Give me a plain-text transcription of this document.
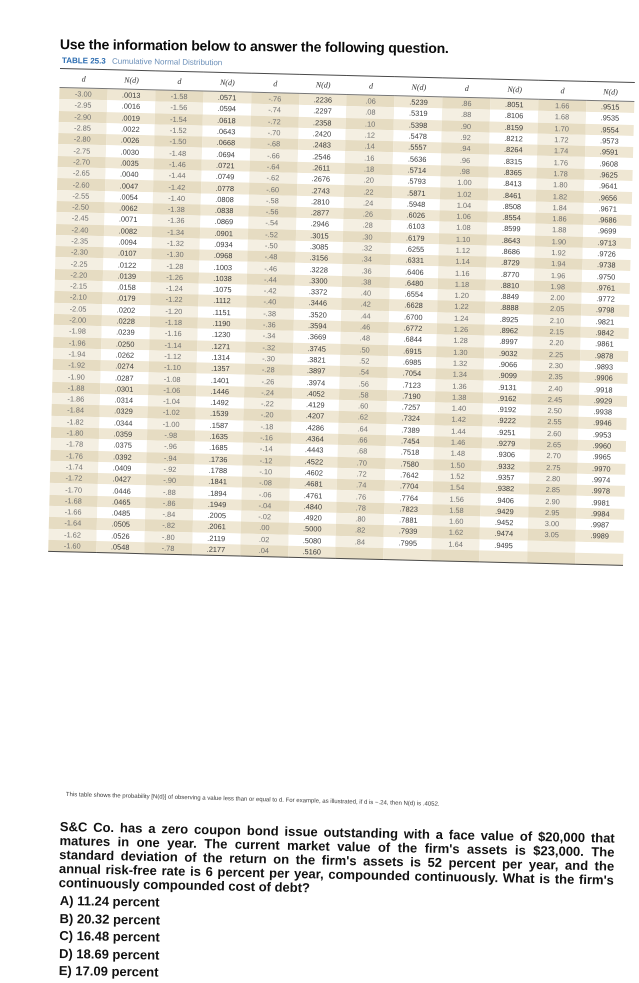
Use the information below to answer the following question.
TABLE 25.3 Cumulative Normal Distribution
d	N(d)	d	N(d)	d	N(d)	d	N(d)	d	N(d)	d	N(d)
-3.00	.0013	-1.58	.0571	-.76	.2236	.06	.5239	.86	.8051	1.66	.9515
-2.95	.0016	-1.56	.0594	-.74	.2297	.08	.5319	.88	.8106	1.68	.9535
-2.90	.0019	-1.54	.0618	-.72	.2358	.10	.5398	.90	.8159	1.70	.9554
-2.85	.0022	-1.52	.0643	-.70	.2420	.12	.5478	.92	.8212	1.72	.9573
-2.80	.0026	-1.50	.0668	-.68	.2483	.14	.5557	.94	.8264	1.74	.9591
-2.75	.0030	-1.48	.0694	-.66	.2546	.16	.5636	.96	.8315	1.76	.9608
-2.70	.0035	-1.46	.0721	-.64	.2611	.18	.5714	.98	.8365	1.78	.9625
-2.65	.0040	-1.44	.0749	-.62	.2676	.20	.5793	1.00	.8413	1.80	.9641
-2.60	.0047	-1.42	.0778	-.60	.2743	.22	.5871	1.02	.8461	1.82	.9656
-2.55	.0054	-1.40	.0808	-.58	.2810	.24	.5948	1.04	.8508	1.84	.9671
-2.50	.0062	-1.38	.0838	-.56	.2877	.26	.6026	1.06	.8554	1.86	.9686
-2.45	.0071	-1.36	.0869	-.54	.2946	.28	.6103	1.08	.8599	1.88	.9699
-2.40	.0082	-1.34	.0901	-.52	.3015	.30	.6179	1.10	.8643	1.90	.9713
-2.35	.0094	-1.32	.0934	-.50	.3085	.32	.6255	1.12	.8686	1.92	.9726
-2.30	.0107	-1.30	.0968	-.48	.3156	.34	.6331	1.14	.8729	1.94	.9738
-2.25	.0122	-1.28	.1003	-.46	.3228	.36	.6406	1.16	.8770	1.96	.9750
-2.20	.0139	-1.26	.1038	-.44	.3300	.38	.6480	1.18	.8810	1.98	.9761
-2.15	.0158	-1.24	.1075	-.42	.3372	.40	.6554	1.20	.8849	2.00	.9772
-2.10	.0179	-1.22	.1112	-.40	.3446	.42	.6628	1.22	.8888	2.05	.9798
-2.05	.0202	-1.20	.1151	-.38	.3520	.44	.6700	1.24	.8925	2.10	.9821
-2.00	.0228	-1.18	.1190	-.36	.3594	.46	.6772	1.26	.8962	2.15	.9842
-1.98	.0239	-1.16	.1230	-.34	.3669	.48	.6844	1.28	.8997	2.20	.9861
-1.96	.0250	-1.14	.1271	-.32	.3745	.50	.6915	1.30	.9032	2.25	.9878
-1.94	.0262	-1.12	.1314	-.30	.3821	.52	.6985	1.32	.9066	2.30	.9893
-1.92	.0274	-1.10	.1357	-.28	.3897	.54	.7054	1.34	.9099	2.35	.9906
-1.90	.0287	-1.08	.1401	-.26	.3974	.56	.7123	1.36	.9131	2.40	.9918
-1.88	.0301	-1.06	.1446	-.24	.4052	.58	.7190	1.38	.9162	2.45	.9929
-1.86	.0314	-1.04	.1492	-.22	.4129	.60	.7257	1.40	.9192	2.50	.9938
-1.84	.0329	-1.02	.1539	-.20	.4207	.62	.7324	1.42	.9222	2.55	.9946
-1.82	.0344	-1.00	.1587	-.18	.4286	.64	.7389	1.44	.9251	2.60	.9953
-1.80	.0359	-.98	.1635	-.16	.4364	.66	.7454	1.46	.9279	2.65	.9960
-1.78	.0375	-.96	.1685	-.14	.4443	.68	.7518	1.48	.9306	2.70	.9965
-1.76	.0392	-.94	.1736	-.12	.4522	.70	.7580	1.50	.9332	2.75	.9970
-1.74	.0409	-.92	.1788	-.10	.4602	.72	.7642	1.52	.9357	2.80	.9974
-1.72	.0427	-.90	.1841	-.08	.4681	.74	.7704	1.54	.9382	2.85	.9978
-1.70	.0446	-.88	.1894	-.06	.4761	.76	.7764	1.56	.9406	2.90	.9981
-1.68	.0465	-.86	.1949	-.04	.4840	.78	.7823	1.58	.9429	2.95	.9984
-1.66	.0485	-.84	.2005	-.02	.4920	.80	.7881	1.60	.9452	3.00	.9987
-1.64	.0505	-.82	.2061	.00	.5000	.82	.7939	1.62	.9474	3.05	.9989
-1.62	.0526	-.80	.2119	.02	.5080	.84	.7995	1.64	.9495		
-1.60	.0548	-.78	.2177	.04	.5160						
This table shows the probability [N(d)] of observing a value less than or equal to d. For example, as illustrated, if d is −.24, then N(d) is .4052.
S&C Co. has a zero coupon bond issue outstanding with a face value of $20,000 that matures in one year. The current market value of the firm's assets is $23,000. The standard deviation of the return on the firm's assets is 52 percent per year, and the annual risk-free rate is 6 percent per year, compounded continuously. What is the firm's continuously compounded cost of debt?
A) 11.24 percent
B) 20.32 percent
C) 16.48 percent
D) 18.69 percent
E) 17.09 percent
